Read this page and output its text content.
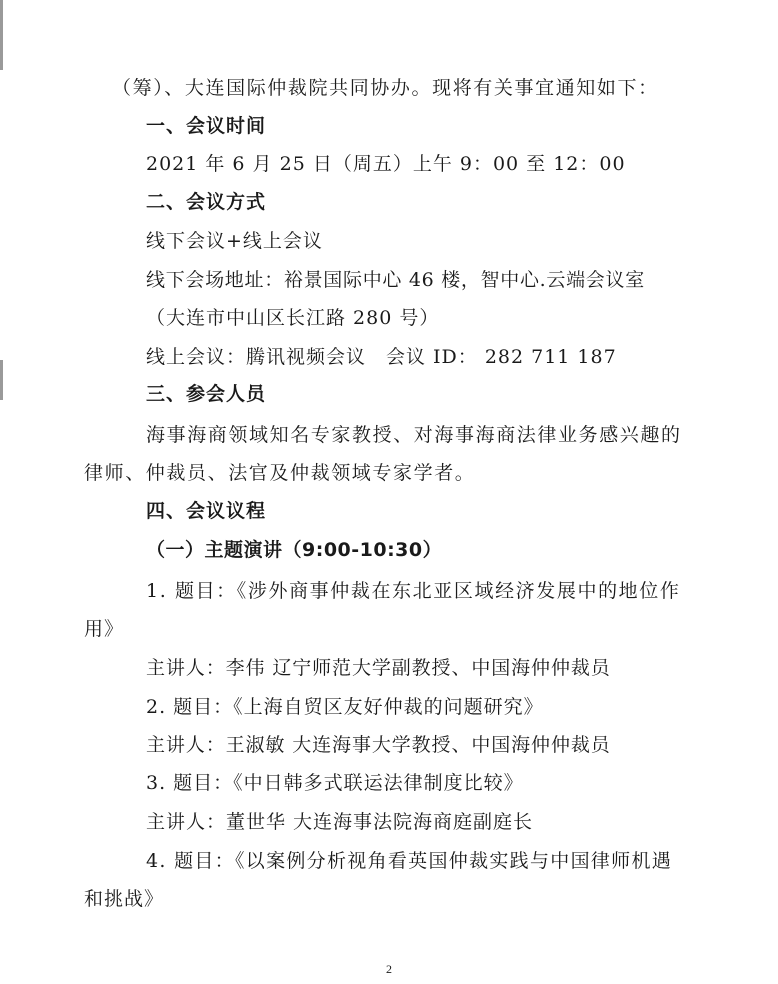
（筹）、大连国际仲裁院共同协办。现将有关事宜通知如下：
一、会议时间
2021 年 6 月 25 日（周五）上午 9：00 至 12：00
二、会议方式
线下会议+线上会议
线下会场地址：裕景国际中心 46 楼，智中心.云端会议室
（大连市中山区长江路 280 号）
线上会议：腾讯视频会议　会议 ID： 282 711 187
三、参会人员
海事海商领域知名专家教授、对海事海商法律业务感兴趣的
律师、仲裁员、法官及仲裁领域专家学者。
四、会议议程
（一）主题演讲（9:00-10:30）
1. 题目：《涉外商事仲裁在东北亚区域经济发展中的地位作
用》
主讲人：李伟 辽宁师范大学副教授、中国海仲仲裁员
2. 题目：《上海自贸区友好仲裁的问题研究》
主讲人：王淑敏 大连海事大学教授、中国海仲仲裁员
3. 题目：《中日韩多式联运法律制度比较》
主讲人：董世华 大连海事法院海商庭副庭长
4. 题目：《以案例分析视角看英国仲裁实践与中国律师机遇
和挑战》
2
